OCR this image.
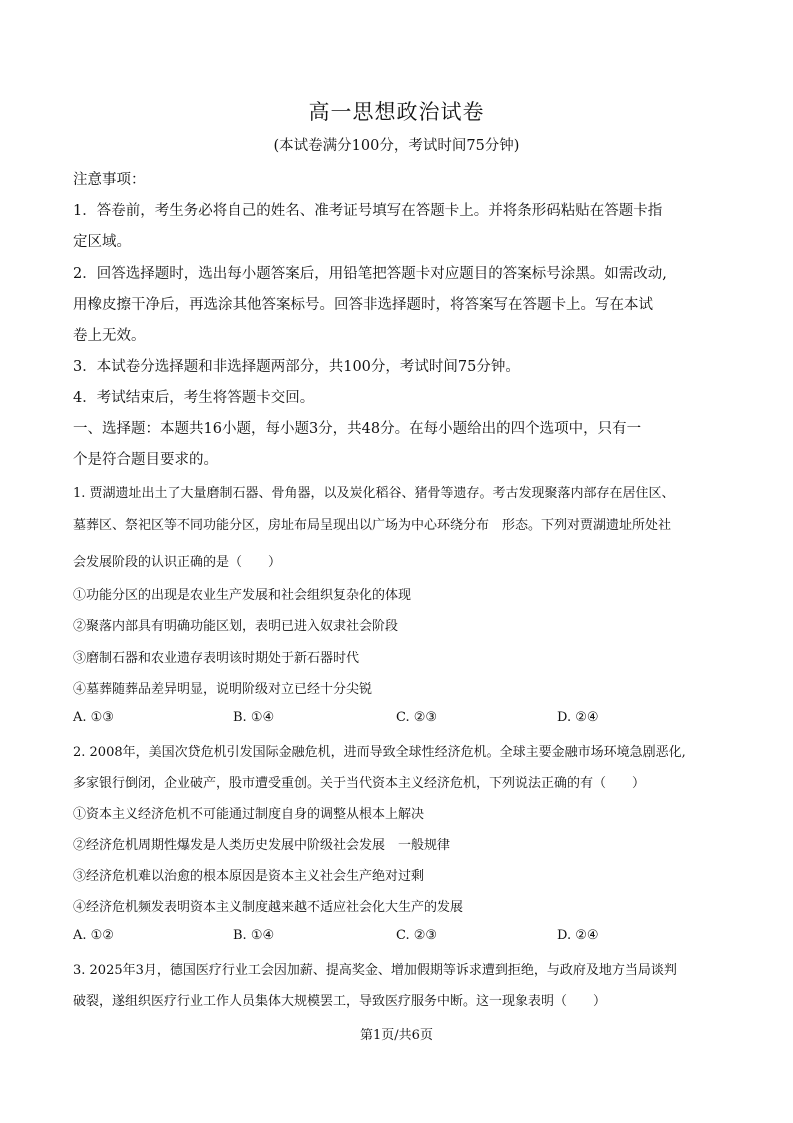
高一思想政治试卷
(本试卷满分100分，考试时间75分钟)
注意事项：
1．答卷前，考生务必将自己的姓名、准考证号填写在答题卡上。并将条形码粘贴在答题卡指
定区域。
2．回答选择题时，选出每小题答案后，用铅笔把答题卡对应题目的答案标号涂黑。如需改动,
用橡皮擦干净后，再选涂其他答案标号。回答非选择题时，将答案写在答题卡上。写在本试
卷上无效。
3．本试卷分选择题和非选择题两部分，共100分，考试时间75分钟。
4．考试结束后，考生将答题卡交回。
一、选择题：本题共16小题，每小题3分，共48分。在每小题给出的四个选项中，只有一
个是符合题目要求的。
1. 贾湖遗址出土了大量磨制石器、骨角器，以及炭化稻谷、猪骨等遗存。考古发现聚落内部存在居住区、
墓葬区、祭祀区等不同功能分区，房址布局呈现出以广场为中心环绕分布　形态。下列对贾湖遗址所处社
会发展阶段的认识正确的是（　　）
①功能分区的出现是农业生产发展和社会组织复杂化的体现
②聚落内部具有明确功能区划，表明已进入奴隶社会阶段
③磨制石器和农业遗存表明该时期处于新石器时代
④墓葬随葬品差异明显，说明阶级对立已经十分尖锐
A. ①③	B. ①④	C. ②③	D. ②④
2. 2008年，美国次贷危机引发国际金融危机，进而导致全球性经济危机。全球主要金融市场环境急剧恶化,
多家银行倒闭，企业破产，股市遭受重创。关于当代资本主义经济危机，下列说法正确的有（　　）
①资本主义经济危机不可能通过制度自身的调整从根本上解决
②经济危机周期性爆发是人类历史发展中阶级社会发展　一般规律
③经济危机难以治愈的根本原因是资本主义社会生产绝对过剩
④经济危机频发表明资本主义制度越来越不适应社会化大生产的发展
A. ①②	B. ①④	C. ②③	D. ②④
3. 2025年3月，德国医疗行业工会因加薪、提高奖金、增加假期等诉求遭到拒绝，与政府及地方当局谈判
破裂，遂组织医疗行业工作人员集体大规模罢工，导致医疗服务中断。这一现象表明（　　）
第1页/共6页
